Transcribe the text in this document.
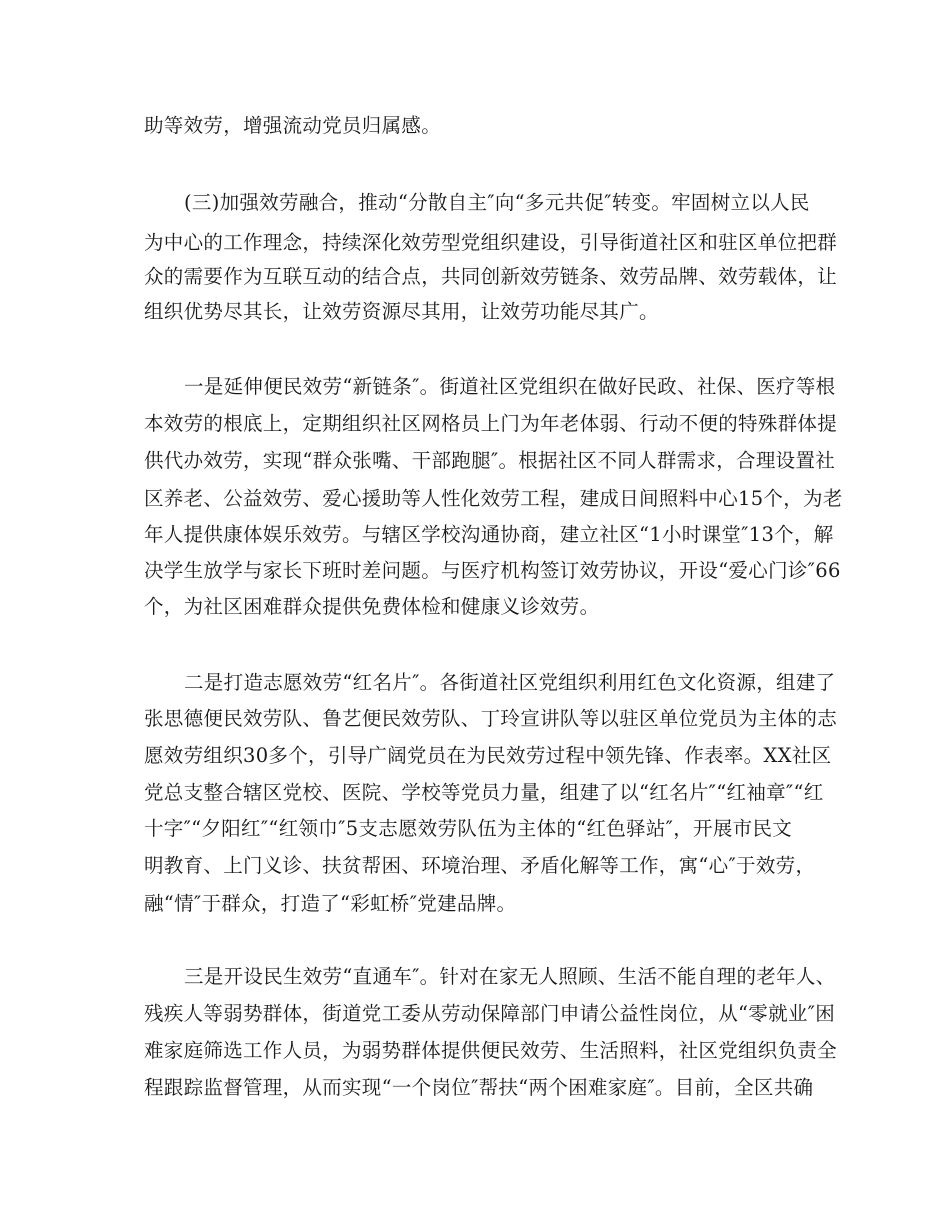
助等效劳，增强流动党员归属感。
(三)加强效劳融合，推动“分散自主″向“多元共促″转变。牢固树立以人民
为中心的工作理念，持续深化效劳型党组织建设，引导街道社区和驻区单位把群
众的需要作为互联互动的结合点，共同创新效劳链条、效劳品牌、效劳载体，让
组织优势尽其长，让效劳资源尽其用，让效劳功能尽其广。
一是延伸便民效劳“新链条″。街道社区党组织在做好民政、社保、医疗等根
本效劳的根底上，定期组织社区网格员上门为年老体弱、行动不便的特殊群体提
供代办效劳，实现“群众张嘴、干部跑腿″。根据社区不同人群需求，合理设置社
区养老、公益效劳、爱心援助等人性化效劳工程，建成日间照料中心15个，为老
年人提供康体娱乐效劳。与辖区学校沟通协商，建立社区“1小时课堂″13个，解
决学生放学与家长下班时差问题。与医疗机构签订效劳协议，开设“爱心门诊″66
个，为社区困难群众提供免费体检和健康义诊效劳。
二是打造志愿效劳“红名片″。各街道社区党组织利用红色文化资源，组建了
张思德便民效劳队、鲁艺便民效劳队、丁玲宣讲队等以驻区单位党员为主体的志
愿效劳组织30多个，引导广阔党员在为民效劳过程中领先锋、作表率。XX社区
党总支整合辖区党校、医院、学校等党员力量，组建了以“红名片″“红袖章″“红
十字″“夕阳红″“红领巾″5支志愿效劳队伍为主体的“红色驿站″，开展市民文
明教育、上门义诊、扶贫帮困、环境治理、矛盾化解等工作，寓“心″于效劳，
融“情″于群众，打造了“彩虹桥″党建品牌。
三是开设民生效劳“直通车″。针对在家无人照顾、生活不能自理的老年人、
残疾人等弱势群体，街道党工委从劳动保障部门申请公益性岗位，从“零就业″困
难家庭筛选工作人员，为弱势群体提供便民效劳、生活照料，社区党组织负责全
程跟踪监督管理，从而实现“一个岗位″帮扶“两个困难家庭″。目前，全区共确
